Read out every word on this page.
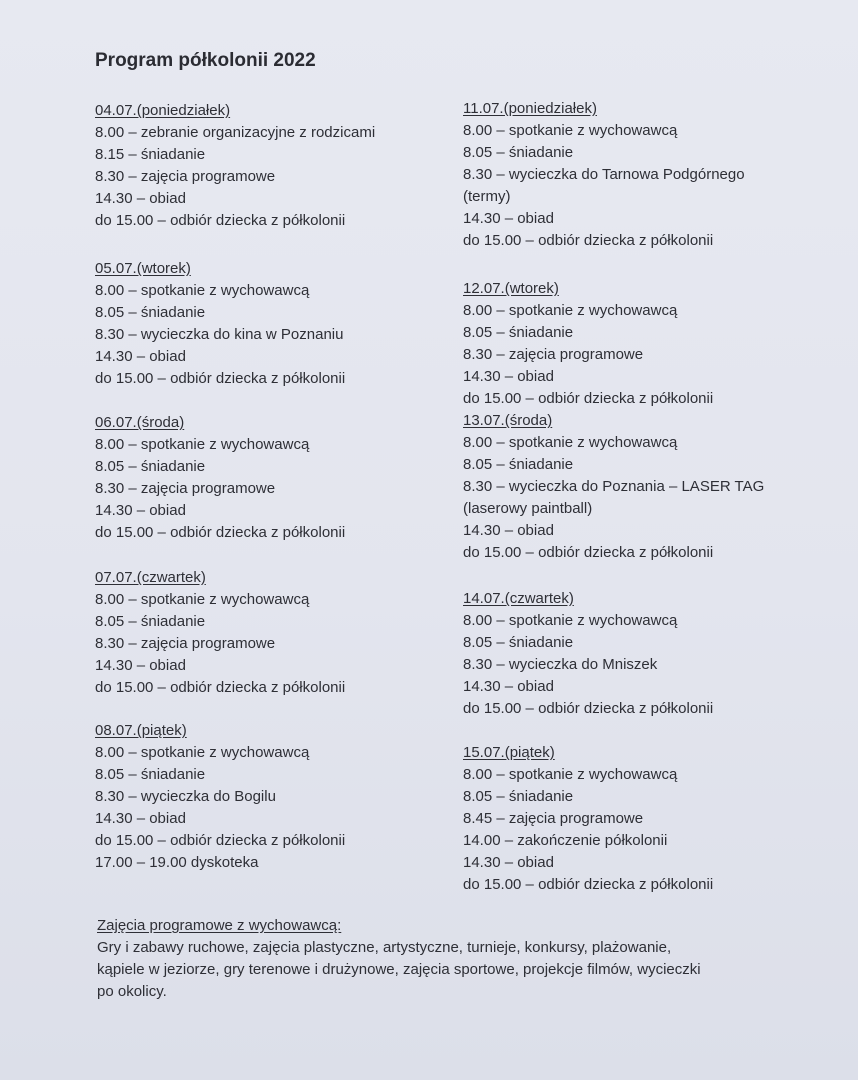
Program półkolonii 2022
04.07.(poniedziałek)
8.00 – zebranie organizacyjne z rodzicami
8.15 – śniadanie
8.30 – zajęcia programowe
14.30 – obiad
do 15.00 – odbiór dziecka z półkolonii
05.07.(wtorek)
8.00 – spotkanie z wychowawcą
8.05 – śniadanie
8.30 – wycieczka do kina w Poznaniu
14.30 – obiad
do 15.00 – odbiór dziecka z półkolonii
06.07.(środa)
8.00 – spotkanie z wychowawcą
8.05 – śniadanie
8.30 – zajęcia programowe
14.30 – obiad
do 15.00 – odbiór dziecka z półkolonii
07.07.(czwartek)
8.00 – spotkanie z wychowawcą
8.05 – śniadanie
8.30 – zajęcia programowe
14.30 – obiad
do 15.00 – odbiór dziecka z półkolonii
08.07.(piątek)
8.00 – spotkanie z wychowawcą
8.05 – śniadanie
8.30 – wycieczka do Bogilu
14.30 – obiad
do 15.00 – odbiór dziecka z półkolonii
17.00 – 19.00 dyskoteka
11.07.(poniedziałek)
8.00 – spotkanie z wychowawcą
8.05 – śniadanie
8.30 – wycieczka do Tarnowa Podgórnego
(termy)
14.30 – obiad
do 15.00 – odbiór dziecka z półkolonii
12.07.(wtorek)
8.00 – spotkanie z wychowawcą
8.05 – śniadanie
8.30 – zajęcia programowe
14.30 – obiad
do 15.00 – odbiór dziecka z półkolonii
13.07.(środa)
8.00 – spotkanie z wychowawcą
8.05 – śniadanie
8.30 – wycieczka do Poznania – LASER TAG
(laserowy paintball)
14.30 – obiad
do 15.00 – odbiór dziecka z półkolonii
14.07.(czwartek)
8.00 – spotkanie z wychowawcą
8.05 – śniadanie
8.30 – wycieczka do Mniszek
14.30 – obiad
do 15.00 – odbiór dziecka z półkolonii
15.07.(piątek)
8.00 – spotkanie z wychowawcą
8.05 – śniadanie
8.45 – zajęcia programowe
14.00 – zakończenie półkolonii
14.30 – obiad
do 15.00 – odbiór dziecka z półkolonii
Zajęcia programowe z wychowawcą:
Gry i zabawy ruchowe, zajęcia plastyczne, artystyczne, turnieje, konkursy, plażowanie,
kąpiele w jeziorze, gry terenowe i drużynowe, zajęcia sportowe, projekcje filmów, wycieczki
po okolicy.
